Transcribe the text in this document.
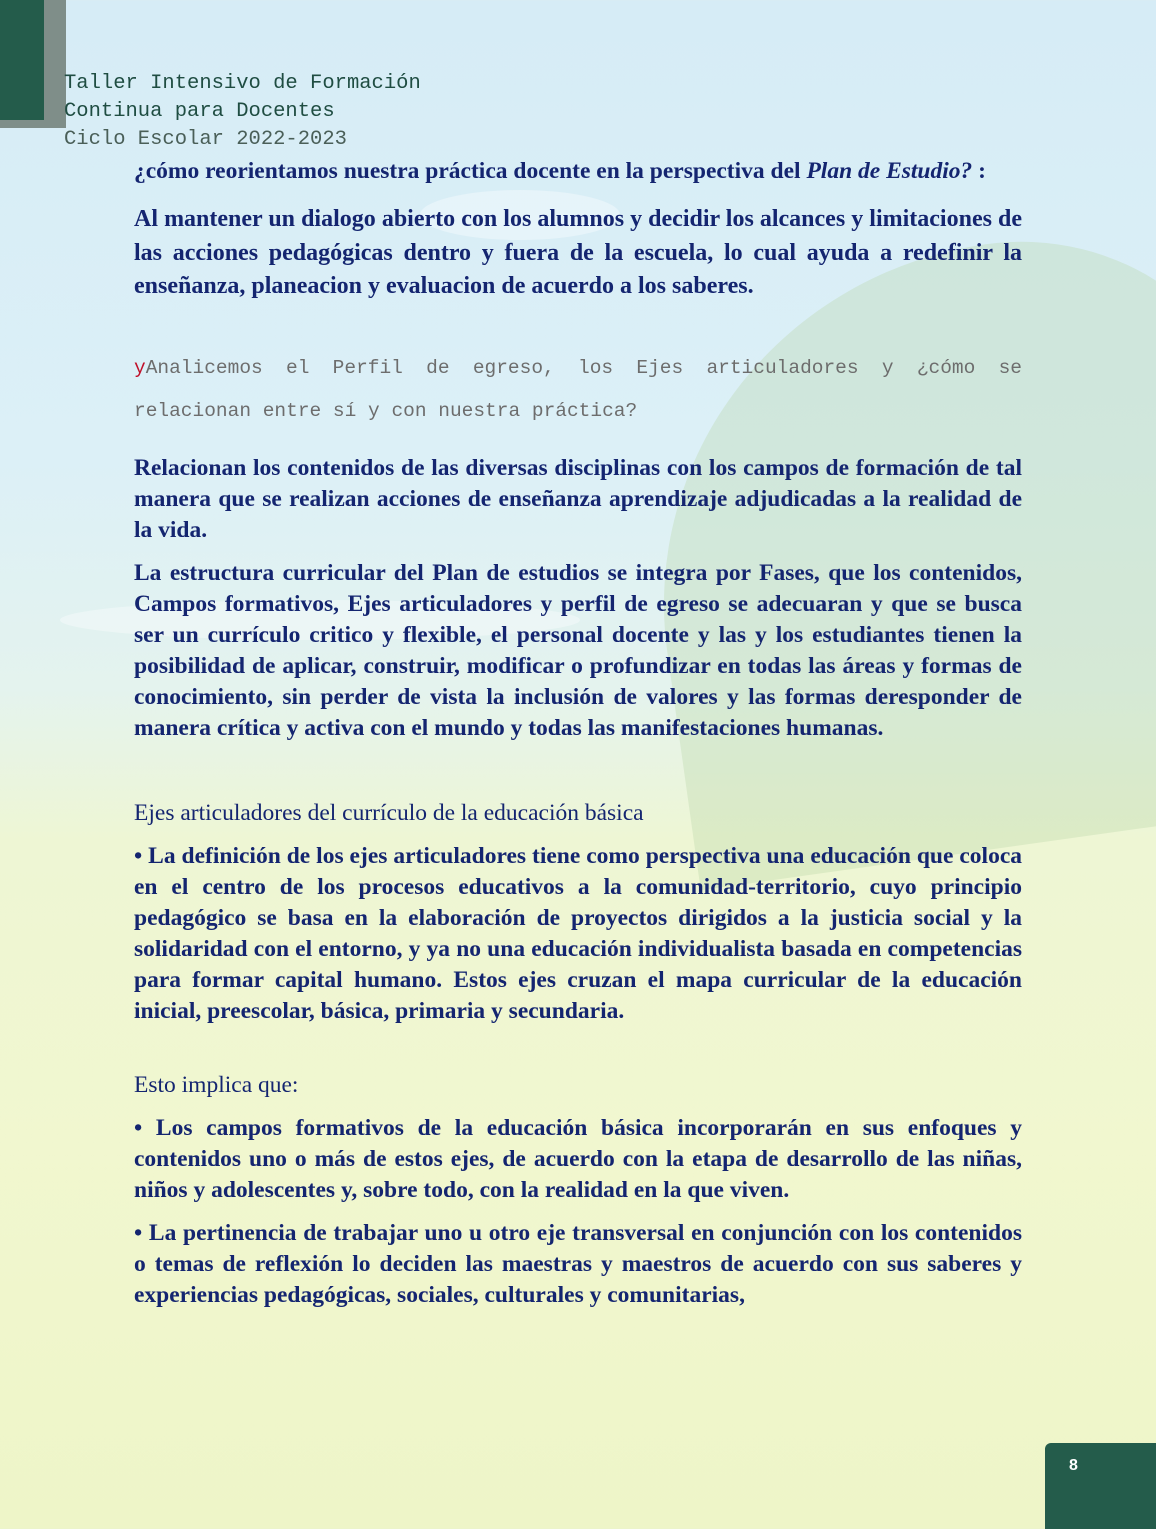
Taller Intensivo de Formación
Continua para Docentes
Ciclo Escolar 2022-2023

¿cómo reorientamos nuestra práctica docente en la perspectiva del Plan de Estudio? :

Al mantener un dialogo abierto con los alumnos y decidir los alcances y limitaciones de las acciones pedagógicas dentro y fuera de la escuela, lo cual ayuda a redefinir la enseñanza, planeacion y evaluacion de acuerdo a los saberes.

yAnalicemos el Perfil de egreso, los Ejes articuladores y ¿cómo se relacionan entre sí y con nuestra práctica?

Relacionan los contenidos de las diversas disciplinas con los campos de formación de tal manera que se realizan acciones de enseñanza aprendizaje adjudicadas a la realidad de la vida.

La estructura curricular del Plan de estudios se integra por Fases, que los contenidos, Campos formativos, Ejes articuladores y perfil de egreso se adecuaran y que se busca ser un currículo critico y flexible, el personal docente y las y los estudiantes tienen la posibilidad de aplicar, construir, modificar o profundizar en todas las áreas y formas de conocimiento, sin perder de vista la inclusión de valores y las formas deresponder de manera crítica y activa con el mundo y todas las manifestaciones humanas.

Ejes articuladores del currículo de la educación básica

• La definición de los ejes articuladores tiene como perspectiva una educación que coloca en el centro de los procesos educativos a la comunidad-territorio, cuyo principio pedagógico se basa en la elaboración de proyectos dirigidos a la justicia social y la solidaridad con el entorno, y ya no una educación individualista basada en competencias para formar capital humano. Estos ejes cruzan el mapa curricular de la educación inicial, preescolar, básica, primaria y secundaria.

Esto implica que:

• Los campos formativos de la educación básica incorporarán en sus enfoques y contenidos uno o más de estos ejes, de acuerdo con la etapa de desarrollo de las niñas, niños y adolescentes y, sobre todo, con la realidad en la que viven.

• La pertinencia de trabajar uno u otro eje transversal en conjunción con los contenidos o temas de reflexión lo deciden las maestras y maestros de acuerdo con sus saberes y experiencias pedagógicas, sociales, culturales y comunitarias,

8
